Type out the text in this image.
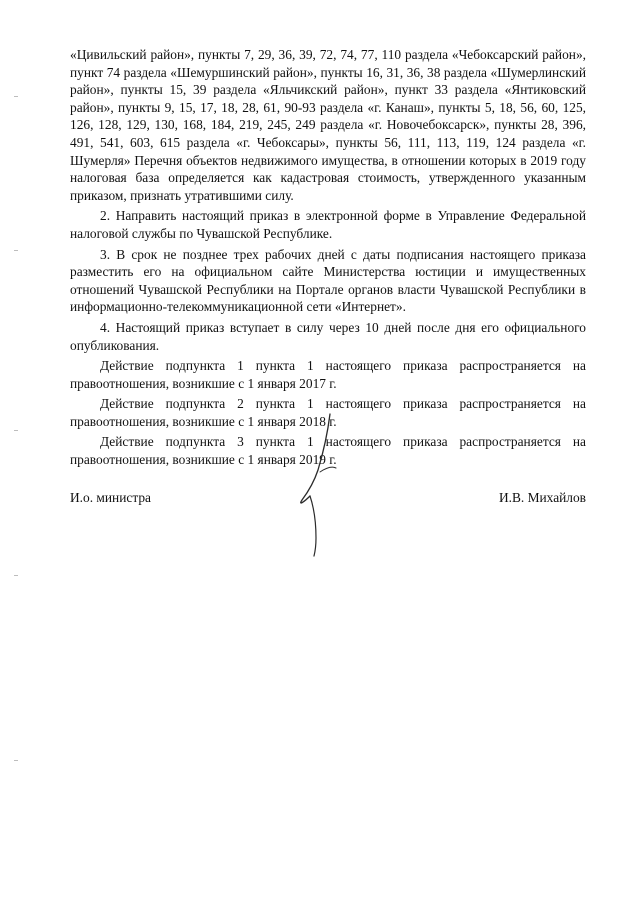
«Цивильский район», пункты 7, 29, 36, 39, 72, 74, 77, 110 раздела «Чебоксарский район», пункт 74 раздела «Шемуршинский район», пункты 16, 31, 36, 38 раздела «Шумерлинский район», пункты 15, 39 раздела «Яльчикский район», пункт 33 раздела «Янтиковский район», пункты 9, 15, 17, 18, 28, 61, 90-93 раздела «г. Канаш», пункты 5, 18, 56, 60, 125, 126, 128, 129, 130, 168, 184, 219, 245, 249 раздела «г. Новочебоксарск», пункты 28, 396, 491, 541, 603, 615 раздела «г. Чебоксары», пункты 56, 111, 113, 119, 124 раздела «г. Шумерля» Перечня объектов недвижимого имущества, в отношении которых в 2019 году налоговая база определяется как кадастровая стоимость, утвержденного указанным приказом, признать утратившими силу.

2. Направить настоящий приказ в электронной форме в Управление Федеральной налоговой службы по Чувашской Республике.

3. В срок не позднее трех рабочих дней с даты подписания настоящего приказа разместить его на официальном сайте Министерства юстиции и имущественных отношений Чувашской Республики на Портале органов власти Чувашской Республики в информационно-телекоммуникационной сети «Интернет».

4. Настоящий приказ вступает в силу через 10 дней после дня его официального опубликования.

Действие подпункта 1 пункта 1 настоящего приказа распространяется на правоотношения, возникшие с 1 января 2017 г.

Действие подпункта 2 пункта 1 настоящего приказа распространяется на правоотношения, возникшие с 1 января 2018 г.

Действие подпункта 3 пункта 1 настоящего приказа распространяется на правоотношения, возникшие с 1 января 2019 г.

И.о. министра	И.В. Михайлов
